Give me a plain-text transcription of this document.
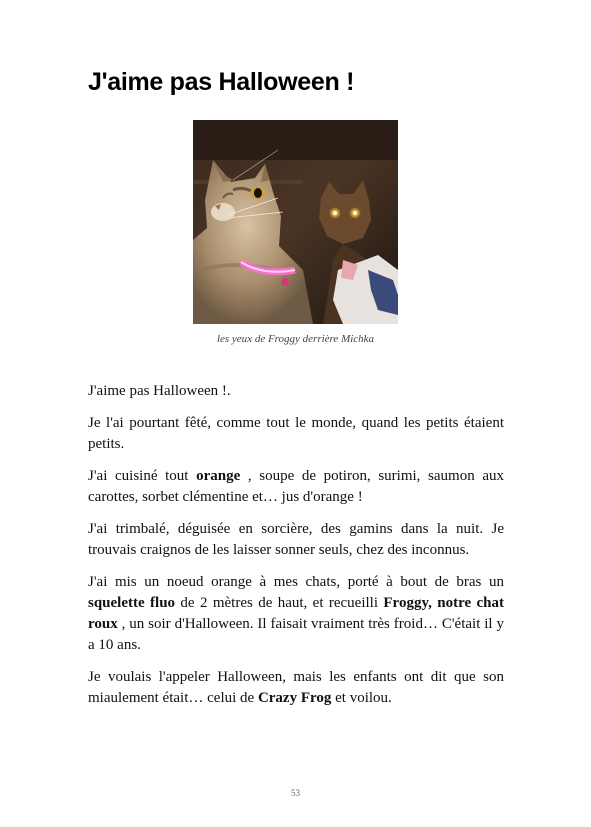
J'aime pas Halloween !
les yeux de Froggy derrière Michka

J'aime pas Halloween !.

Je l'ai pourtant fêté, comme tout le monde, quand les petits étaient petits.

J'ai cuisiné tout orange , soupe de potiron, surimi, saumon aux carottes, sorbet clémentine et… jus d'orange !

J'ai trimbalé, déguisée en sorcière, des gamins dans la nuit. Je trouvais craignos de les laisser sonner seuls, chez des inconnus.

J'ai mis un noeud orange à mes chats, porté à bout de bras un squelette fluo de 2 mètres de haut, et recueilli Froggy, notre chat roux , un soir d'Halloween. Il faisait vraiment très froid… C'était il y a 10 ans.

Je voulais l'appeler Halloween, mais les enfants ont dit que son miaulement était… celui de Crazy Frog et voilou.

53
